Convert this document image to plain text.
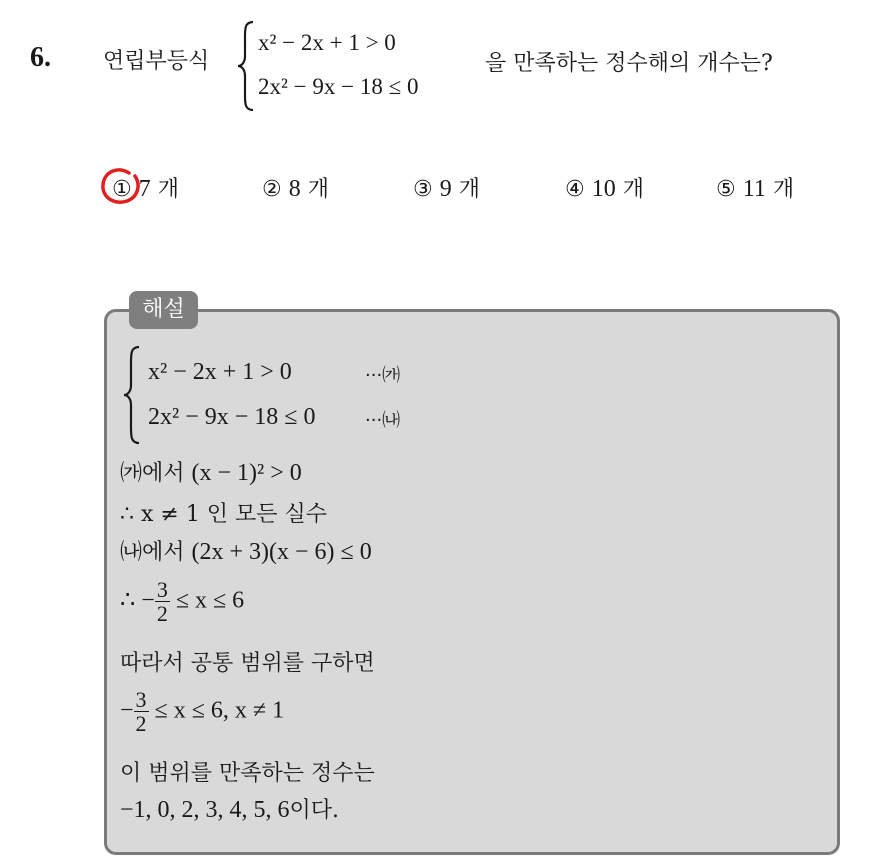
6. 연립부등식
x² − 2x + 1 > 0
2x² − 9x − 18 ≤ 0
을 만족하는 정수해의 개수는?
① 7 개	② 8 개	③ 9 개	④ 10 개	⑤ 11 개
해설
x² − 2x + 1 > 0	···㈎
2x² − 9x − 18 ≤ 0	···㈏
㈎에서 (x − 1)² > 0
∴ x ≠ 1 인 모든 실수
㈏에서 (2x + 3)(x − 6) ≤ 0
∴ − $\frac{3}{2} \le x \le 6$
따라서 공통 범위를 구하면
− $\frac{3}{2} \le x \le 6$, x ≠ 1
이 범위를 만족하는 정수는
−1, 0, 2, 3, 4, 5, 6이다.
